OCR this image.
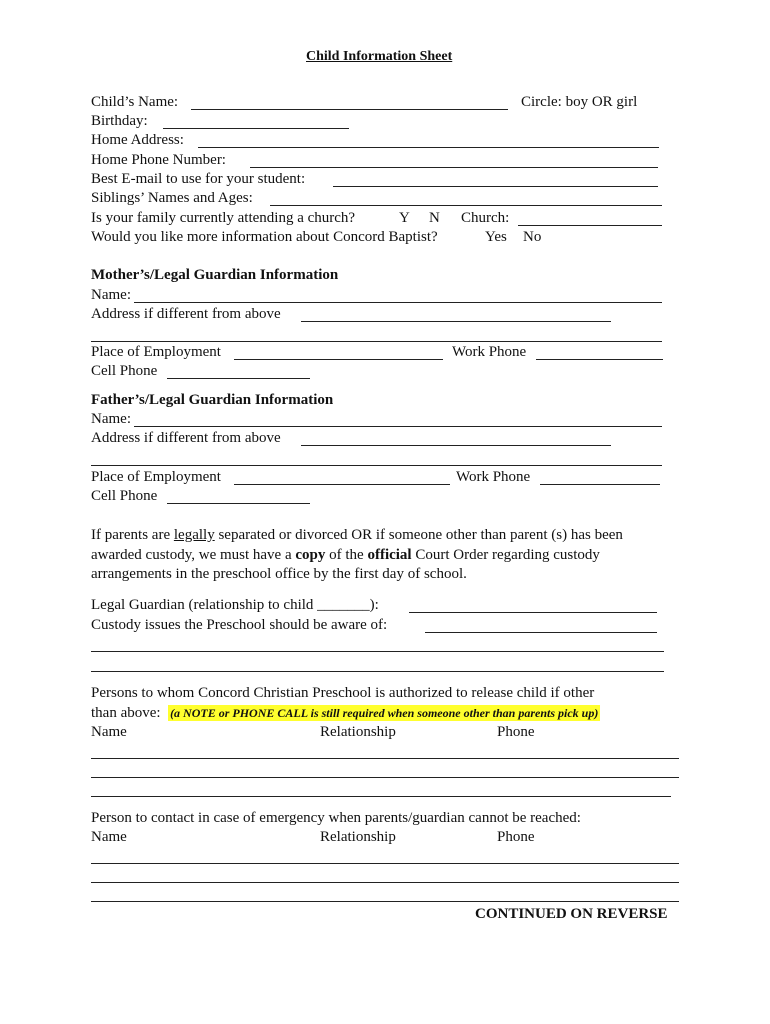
Child Information Sheet
Child’s Name:	Circle: boy OR girl
Birthday:
Home Address:
Home Phone Number:
Best E-mail to use for your student:
Siblings’ Names and Ages:
Is your family currently attending a church?	Y N Church:
Would you like more information about Concord Baptist?	Yes No
Mother’s/Legal Guardian Information
Name:
Address if different from above
Place of Employment	Work Phone
Cell Phone
Father’s/Legal Guardian Information
Name:
Address if different from above
Place of Employment	Work Phone
Cell Phone
If parents are legally separated or divorced OR if someone other than parent (s) has been awarded custody, we must have a copy of the official Court Order regarding custody arrangements in the preschool office by the first day of school.
Legal Guardian (relationship to child _______):
Custody issues the Preschool should be aware of:
Persons to whom Concord Christian Preschool is authorized to release child if other
than above: (a NOTE or PHONE CALL is still required when someone other than parents pick up)
Name	Relationship	Phone
Person to contact in case of emergency when parents/guardian cannot be reached:
Name	Relationship	Phone
CONTINUED ON REVERSE
